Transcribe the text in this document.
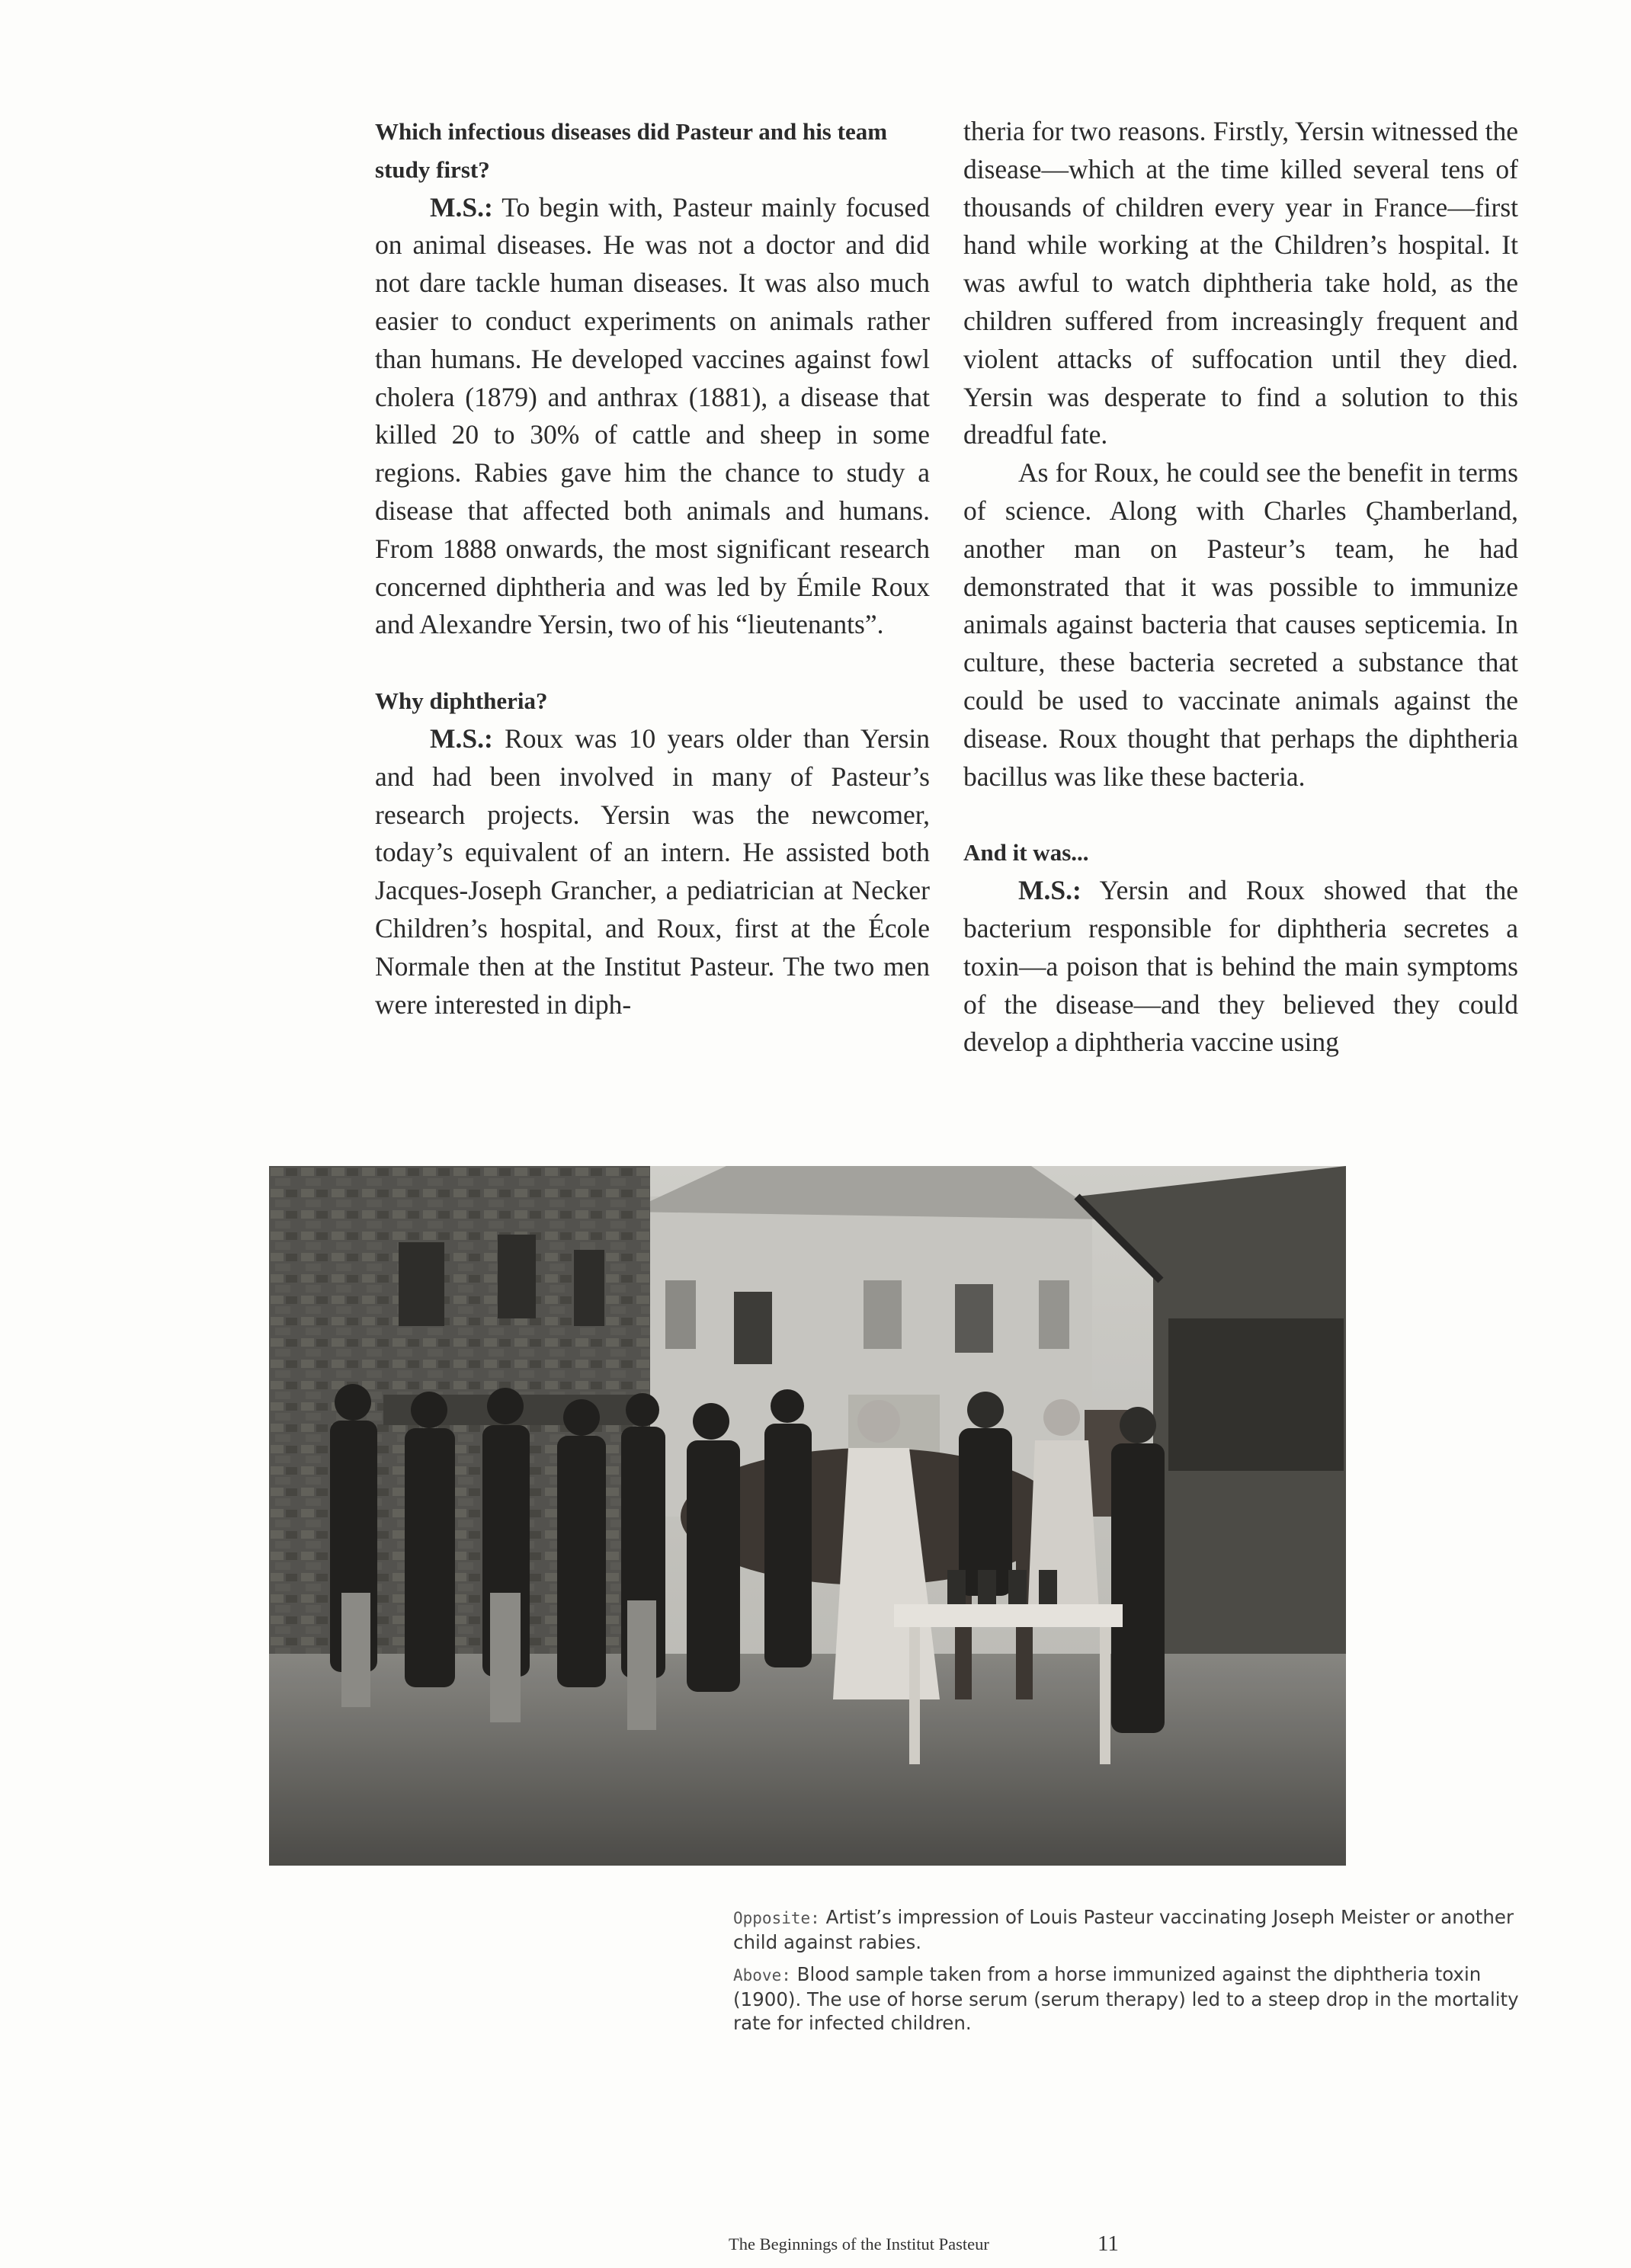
Which infectious diseases did Pasteur and his team study first?

M.S.: To begin with, Pasteur mainly focused on animal diseases. He was not a doctor and did not dare tackle human diseases. It was also much easier to conduct experiments on animals rather than humans. He developed vaccines against fowl cholera (1879) and anthrax (1881), a disease that killed 20 to 30% of cattle and sheep in some regions. Rabies gave him the chance to study a disease that affected both animals and humans. From 1888 onwards, the most significant research concerned diphtheria and was led by Émile Roux and Alexandre Yersin, two of his “lieutenants”.

Why diphtheria?

M.S.: Roux was 10 years older than Yersin and had been involved in many of Pasteur’s research projects. Yersin was the newcomer, today’s equivalent of an intern. He assisted both Jacques-Joseph Grancher, a pediatrician at Necker Children’s hospital, and Roux, first at the École Normale then at the Institut Pasteur. The two men were interested in diph-

theria for two reasons. Firstly, Yersin witnessed the disease—which at the time killed several tens of thousands of children every year in France—first hand while working at the Children’s hospital. It was awful to watch diphtheria take hold, as the children suffered from increasingly frequent and violent attacks of suffocation until they died. Yersin was desperate to find a solution to this dreadful fate.

As for Roux, he could see the benefit in terms of science. Along with Charles Çhamberland, another man on Pasteur’s team, he had demonstrated that it was possible to immunize animals against bacteria that causes septicemia. In culture, these bacteria secreted a substance that could be used to vaccinate animals against the disease. Roux thought that perhaps the diphtheria bacillus was like these bacteria.

And it was...

M.S.: Yersin and Roux showed that the bacterium responsible for diphtheria secretes a toxin—a poison that is behind the main symptoms of the disease—and they believed they could develop a diphtheria vaccine using

Opposite: Artist’s impression of Louis Pasteur vaccinating Joseph Meister or another child against rabies.

Above: Blood sample taken from a horse immunized against the diphtheria toxin (1900). The use of horse serum (serum therapy) led to a steep drop in the mortality rate for infected children.

The Beginnings of the Institut Pasteur	11
